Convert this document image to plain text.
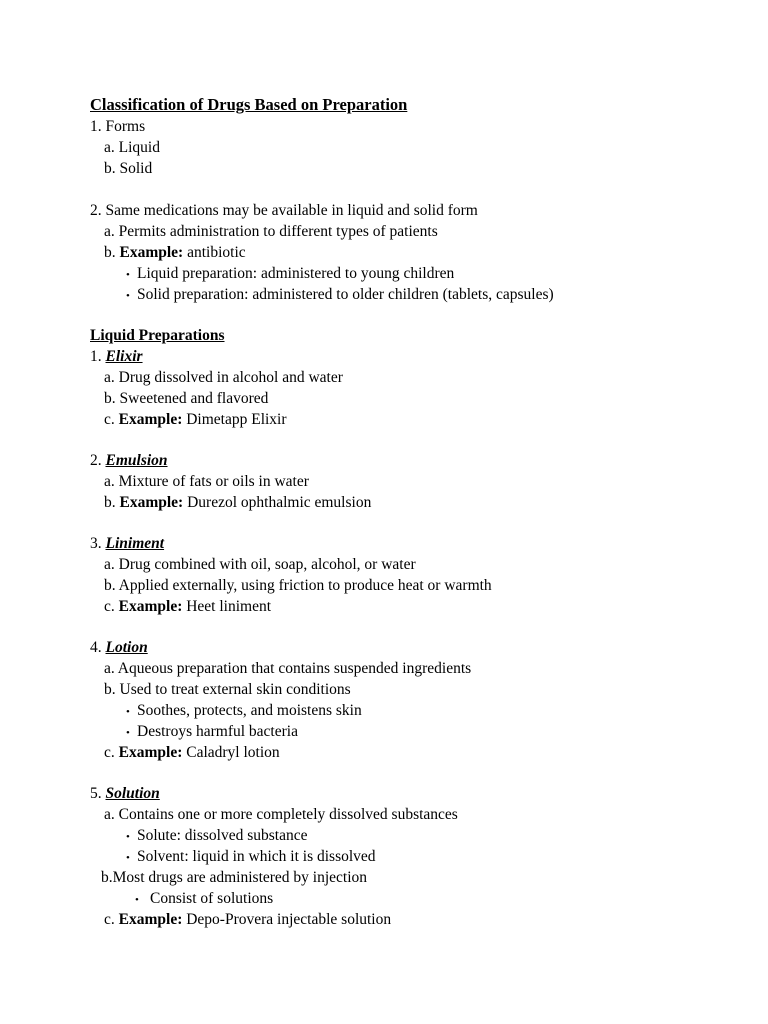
Classification of Drugs Based on Preparation
1. Forms
a. Liquid
b. Solid
2. Same medications may be available in liquid and solid form
a. Permits administration to different types of patients
b. Example: antibiotic
• Liquid preparation: administered to young children
• Solid preparation: administered to older children (tablets, capsules)
Liquid Preparations
1. Elixir
a. Drug dissolved in alcohol and water
b. Sweetened and flavored
c. Example: Dimetapp Elixir
2. Emulsion
a. Mixture of fats or oils in water
b. Example: Durezol ophthalmic emulsion
3. Liniment
a. Drug combined with oil, soap, alcohol, or water
b. Applied externally, using friction to produce heat or warmth
c. Example: Heet liniment
4. Lotion
a. Aqueous preparation that contains suspended ingredients
b. Used to treat external skin conditions
• Soothes, protects, and moistens skin
• Destroys harmful bacteria
c. Example: Caladryl lotion
5. Solution
a. Contains one or more completely dissolved substances
• Solute: dissolved substance
• Solvent: liquid in which it is dissolved
b.Most drugs are administered by injection
• Consist of solutions
c. Example: Depo-Provera injectable solution
